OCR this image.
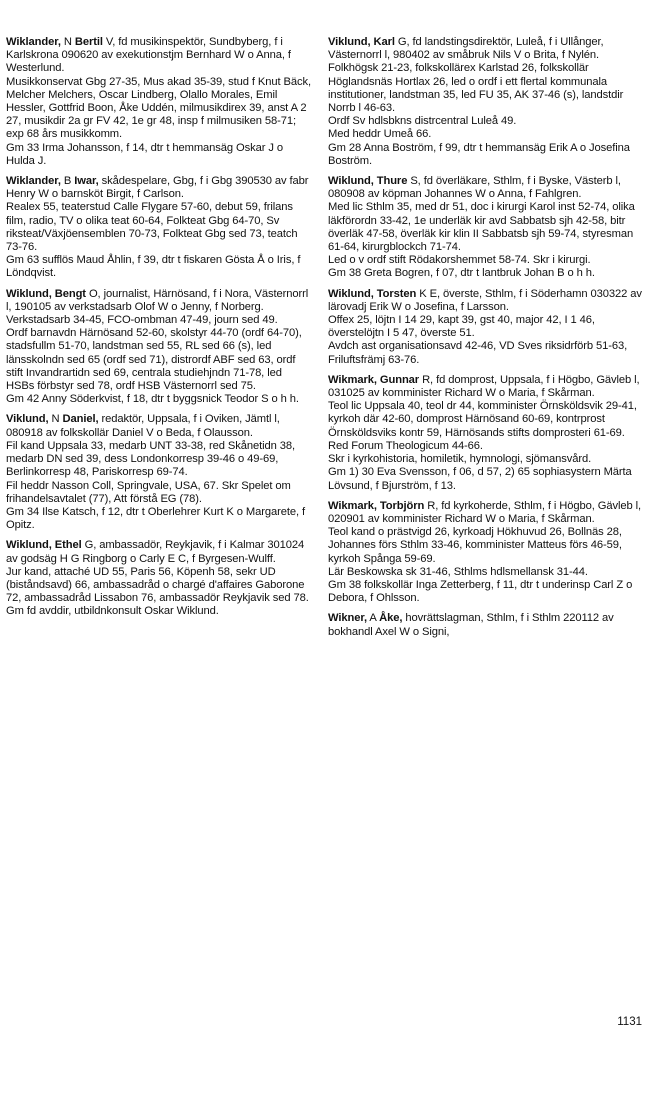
Wiklander, N Bertil V, fd musikinspektör, Sundbyberg, f i Karlskrona 090620 av exekutionstjm Bernhard W o Anna, f Westerlund.

Musikkonservat Gbg 27-35, Mus akad 35-39, stud f Knut Bäck, Melcher Melchers, Oscar Lindberg, Olallo Morales, Emil Hessler, Gottfrid Boon, Åke Uddén, milmusikdirex 39, anst A 2 27, musikdir 2a gr FV 42, 1e gr 48, insp f milmusiken 58-71; exp 68 års musikkomm.

Gm 33 Irma Johansson, f 14, dtr t hemmansäg Oskar J o Hulda J.

Wiklander, B Iwar, skådespelare, Gbg, f i Gbg 390530 av fabr Henry W o barnsköt Birgit, f Carlson.

Realex 55, teaterstud Calle Flygare 57-60, debut 59, frilans film, radio, TV o olika teat 60-64, Folkteat Gbg 64-70, Sv riksteat/Växjöensemblen 70-73, Folkteat Gbg sed 73, teatch 73-76.

Gm 63 sufflös Maud Åhlin, f 39, dtr t fiskaren Gösta Å o Iris, f Löndqvist.

Wiklund, Bengt O, journalist, Härnösand, f i Nora, Västernorrl l, 190105 av verkstadsarb Olof W o Jenny, f Norberg.

Verkstadsarb 34-45, FCO-ombman 47-49, journ sed 49.

Ordf barnavdn Härnösand 52-60, skolstyr 44-70 (ordf 64-70), stadsfullm 51-70, landstman sed 55, RL sed 66 (s), led länsskolndn sed 65 (ordf sed 71), distrordf ABF sed 63, ordf stift Invandrartidn sed 69, centrala studiehjndn 71-78, led HSBs förbstyr sed 78, ordf HSB Västernorrl sed 75.

Gm 42 Anny Söderkvist, f 18, dtr t byggsnick Teodor S o h h.

Viklund, N Daniel, redaktör, Uppsala, f i Oviken, Jämtl l, 080918 av folkskollär Daniel V o Beda, f Olausson.

Fil kand Uppsala 33, medarb UNT 33-38, red Skånetidn 38, medarb DN sed 39, dess Londonkorresp 39-46 o 49-69, Berlinkorresp 48, Pariskorresp 69-74.

Fil heddr Nasson Coll, Springvale, USA, 67. Skr Spelet om frihandelsavtalet (77), Att förstå EG (78).

Gm 34 Ilse Katsch, f 12, dtr t Oberlehrer Kurt K o Margarete, f Opitz.

Wiklund, Ethel G, ambassadör, Reykjavik, f i Kalmar 301024 av godsäg H G Ringborg o Carly E C, f Byrgesen-Wulff.

Jur kand, attaché UD 55, Paris 56, Köpenh 58, sekr UD (biståndsavd) 66, ambassadråd o chargé d'affaires Gaborone 72, ambassadråd Lissabon 76, ambassadör Reykjavik sed 78.

Gm fd avddir, utbildnkonsult Oskar Wiklund.

Viklund, Karl G, fd landstingsdirektör, Luleå, f i Ullånger, Västernorrl l, 980402 av småbruk Nils V o Brita, f Nylén.

Folkhögsk 21-23, folkskollärex Karlstad 26, folkskollär Höglandsnäs Hortlax 26, led o ordf i ett flertal kommunala institutioner, landstman 35, led FU 35, AK 37-46 (s), landstdir Norrb l 46-63.

Ordf Sv hdlsbkns distrcentral Luleå 49.

Med heddr Umeå 66.

Gm 28 Anna Boström, f 99, dtr t hemmansäg Erik A o Josefina Boström.

Wiklund, Thure S, fd överläkare, Sthlm, f i Byske, Västerb l, 080908 av köpman Johannes W o Anna, f Fahlgren.

Med lic Sthlm 35, med dr 51, doc i kirurgi Karol inst 52-74, olika läkförordn 33-42, 1e underläk kir avd Sabbatsb sjh 42-58, bitr överläk 47-58, överläk kir klin II Sabbatsb sjh 59-74, styresman 61-64, kirurgblockch 71-74.

Led o v ordf stift Rödakorshemmet 58-74. Skr i kirurgi.

Gm 38 Greta Bogren, f 07, dtr t lantbruk Johan B o h h.

Wiklund, Torsten K E, överste, Sthlm, f i Söderhamn 030322 av lärovadj Erik W o Josefina, f Larsson.

Offex 25, löjtn I 14 29, kapt 39, gst 40, major 42, I 1 46, överstelöjtn I 5 47, överste 51.

Avdch ast organisationsavd 42-46, VD Sves riksidrförb 51-63, Friluftsfrämj 63-76.

Wikmark, Gunnar R, fd domprost, Uppsala, f i Högbo, Gävleb l, 031025 av komminister Richard W o Maria, f Skårman.

Teol lic Uppsala 40, teol dr 44, komminister Örnsköldsvik 29-41, kyrkoh där 42-60, domprost Härnösand 60-69, kontrprost Örnsköldsviks kontr 59, Härnösands stifts domprosteri 61-69.

Red Forum Theologicum 44-66.

Skr i kyrkohistoria, homiletik, hymnologi, sjömansvård.

Gm 1) 30 Eva Svensson, f 06, d 57, 2) 65 sophiasystern Märta Lövsund, f Bjurström, f 13.

Wikmark, Torbjörn R, fd kyrkoherde, Sthlm, f i Högbo, Gävleb l, 020901 av komminister Richard W o Maria, f Skårman.

Teol kand o prästvigd 26, kyrkoadj Hökhuvud 26, Bollnäs 28, Johannes förs Sthlm 33-46, komminister Matteus förs 46-59, kyrkoh Spånga 59-69.

Lär Beskowska sk 31-46, Sthlms hdlsmellansk 31-44.

Gm 38 folkskollär Inga Zetterberg, f 11, dtr t underinsp Carl Z o Debora, f Ohlsson.

Wikner, A Åke, hovrättslagman, Sthlm, f i Sthlm 220112 av bokhandl Axel W o Signi,

1131
